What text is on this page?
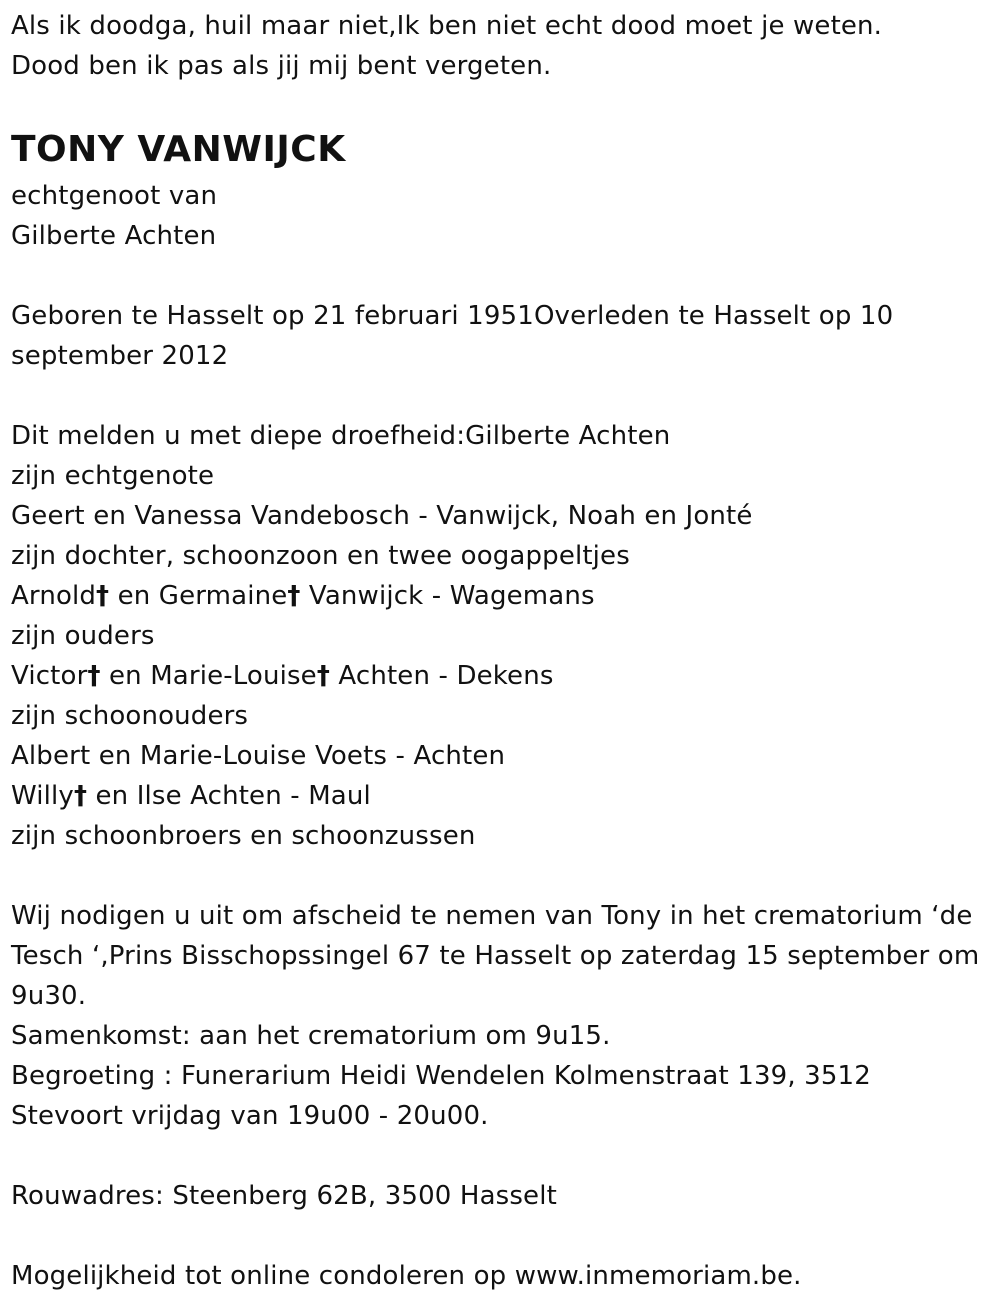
Als ik doodga, huil maar niet,Ik ben niet echt dood moet je weten.
Dood ben ik pas als jij mij bent vergeten.
TONY VANWIJCK
echtgenoot van
Gilberte Achten
Geboren te Hasselt op 21 februari 1951Overleden te Hasselt op 10 september 2012
Dit melden u met diepe droefheid:Gilberte Achten
zijn echtgenote
Geert en Vanessa Vandebosch - Vanwijck, Noah en Jonté
zijn dochter, schoonzoon en twee oogappeltjes
Arnold† en Germaine† Vanwijck - Wagemans
zijn ouders
Victor† en Marie-Louise† Achten - Dekens
zijn schoonouders
Albert en Marie-Louise Voets - Achten
Willy† en Ilse Achten - Maul
zijn schoonbroers en schoonzussen
Wij nodigen u uit om afscheid te nemen van Tony in het crematorium ‘de Tesch ‘,Prins Bisschopssingel 67 te Hasselt op zaterdag 15 september om 9u30.
Samenkomst: aan het crematorium om 9u15.
Begroeting : Funerarium Heidi Wendelen Kolmenstraat 139, 3512 Stevoort vrijdag van 19u00 - 20u00.
Rouwadres: Steenberg 62B, 3500 Hasselt
Mogelijkheid tot online condoleren op www.inmemoriam.be.
